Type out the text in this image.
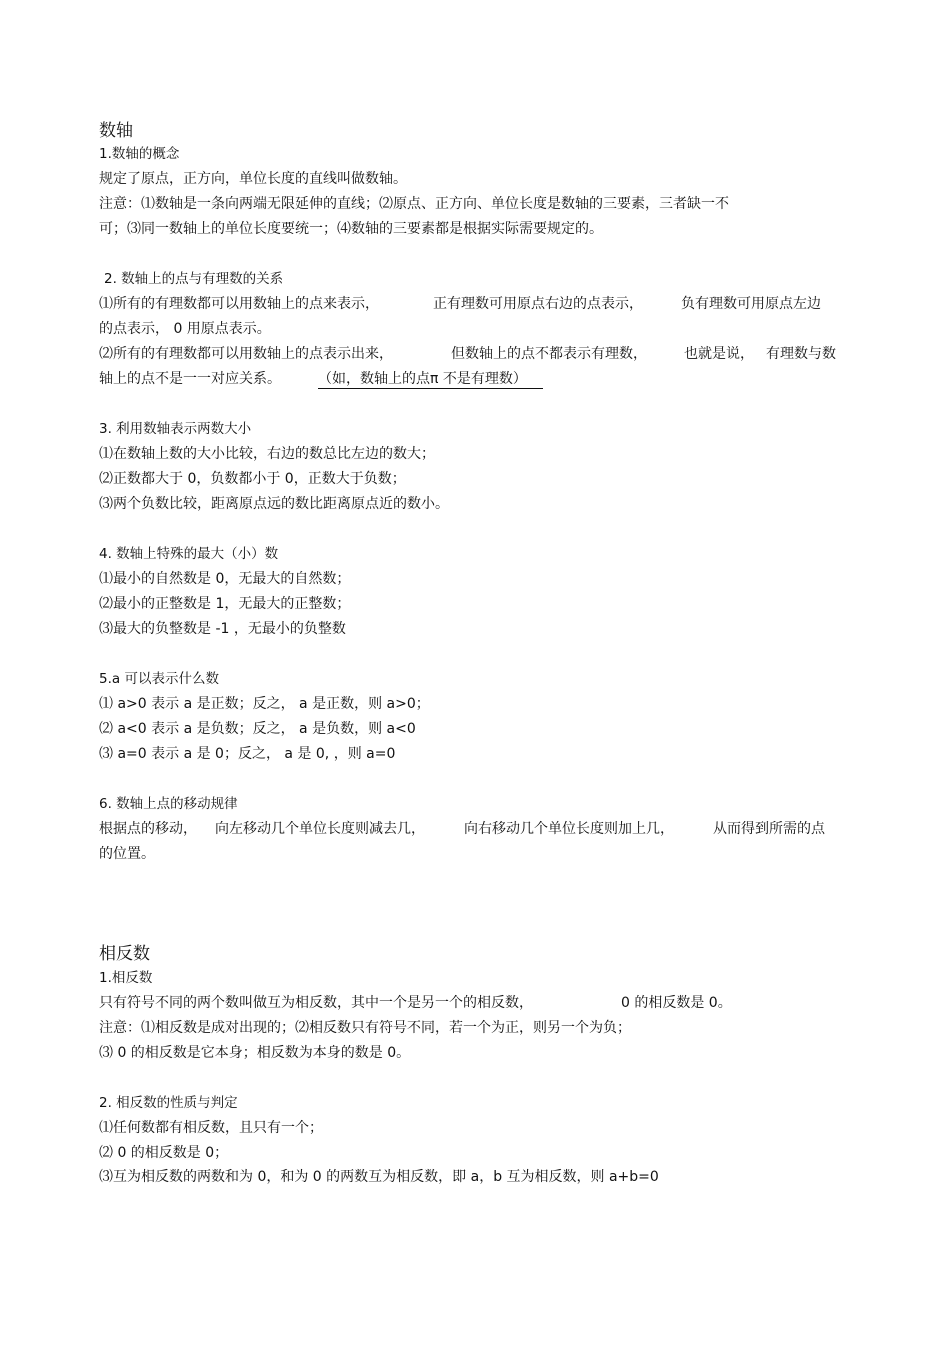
数轴
1.数轴的概念
规定了原点，正方向，单位长度的直线叫做数轴。
注意：⑴数轴是一条向两端无限延伸的直线；⑵原点、正方向、单位长度是数轴的三要素，三者缺一不
可；⑶同一数轴上的单位长度要统一；⑷数轴的三要素都是根据实际需要规定的。
2. 数轴上的点与有理数的关系
⑴所有的有理数都可以用数轴上的点来表示，	正有理数可用原点右边的点表示，	负有理数可用原点左边
的点表示， 0 用原点表示。
⑵所有的有理数都可以用数轴上的点表示出来，	但数轴上的点不都表示有理数，	也就是说， 有理数与数
轴上的点不是一一对应关系。	（如，数轴上的点π 不是有理数）
3. 利用数轴表示两数大小
⑴在数轴上数的大小比较，右边的数总比左边的数大；
⑵正数都大于 0，负数都小于 0，正数大于负数；
⑶两个负数比较，距离原点远的数比距离原点近的数小。
4. 数轴上特殊的最大（小）数
⑴最小的自然数是 0，无最大的自然数；
⑵最小的正整数是 1，无最大的正整数；
⑶最大的负整数是 -1 ，无最小的负整数
5.a 可以表示什么数
⑴ a>0 表示 a 是正数；反之， a 是正数，则 a>0；
⑵ a<0 表示 a 是负数；反之， a 是负数，则 a<0
⑶ a=0 表示 a 是 0；反之， a 是 0, ，则 a=0
6. 数轴上点的移动规律
根据点的移动， 向左移动几个单位长度则减去几，	向右移动几个单位长度则加上几，	从而得到所需的点
的位置。
相反数
1.相反数
只有符号不同的两个数叫做互为相反数，其中一个是另一个的相反数，	0 的相反数是 0。
注意：⑴相反数是成对出现的；⑵相反数只有符号不同，若一个为正，则另一个为负；
⑶ 0 的相反数是它本身；相反数为本身的数是 0。
2. 相反数的性质与判定
⑴任何数都有相反数，且只有一个；
⑵ 0 的相反数是 0；
⑶互为相反数的两数和为 0，和为 0 的两数互为相反数，即 a，b 互为相反数，则 a+b=0
